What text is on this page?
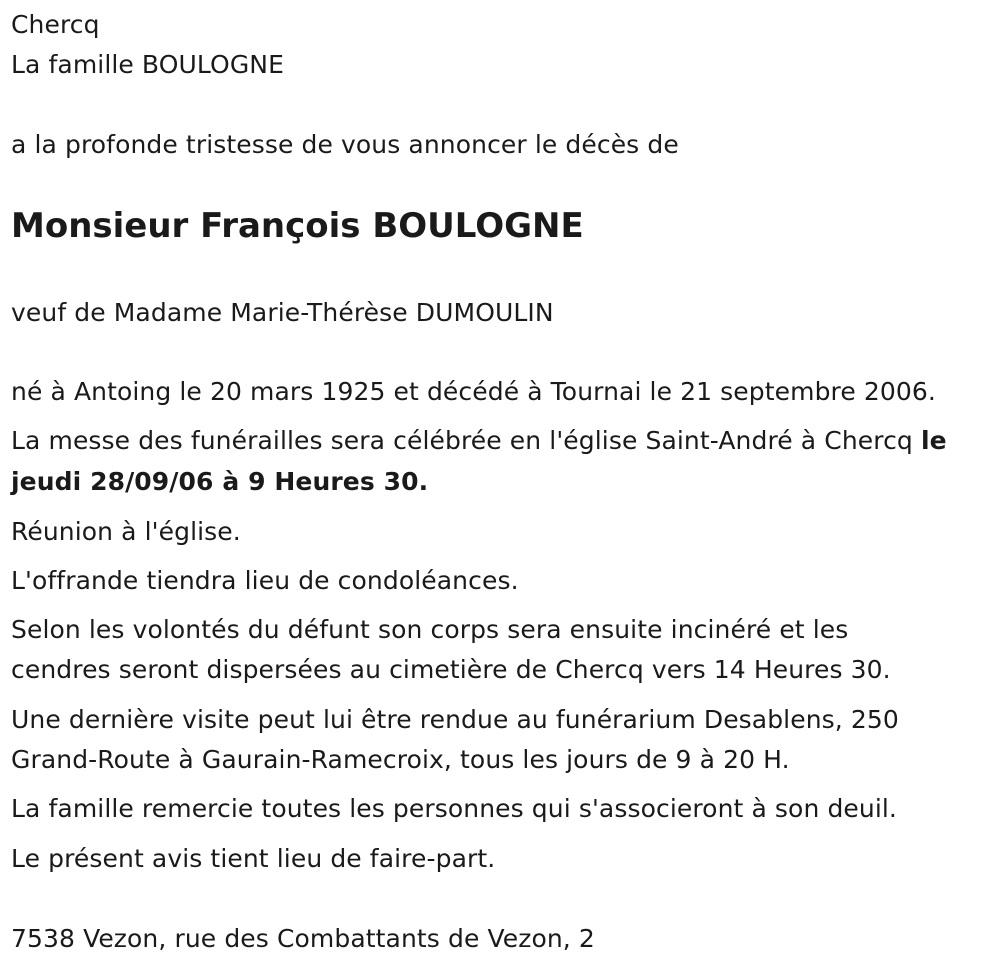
Chercq

La famille BOULOGNE

a la profonde tristesse de vous annoncer le décès de

Monsieur François BOULOGNE

veuf de Madame Marie-Thérèse DUMOULIN

né à Antoing le 20 mars 1925 et décédé à Tournai le 21 septembre 2006.

La messe des funérailles sera célébrée en l'église Saint-André à Chercq le

jeudi 28/09/06 à 9 Heures 30.

Réunion à l'église.

L'offrande tiendra lieu de condoléances.

Selon les volontés du défunt son corps sera ensuite incinéré et les

cendres seront dispersées au cimetière de Chercq vers 14 Heures 30.

Une dernière visite peut lui être rendue au funérarium Desablens, 250

Grand-Route à Gaurain-Ramecroix, tous les jours de 9 à 20 H.

La famille remercie toutes les personnes qui s'associeront à son deuil.

Le présent avis tient lieu de faire-part.

7538 Vezon, rue des Combattants de Vezon, 2
